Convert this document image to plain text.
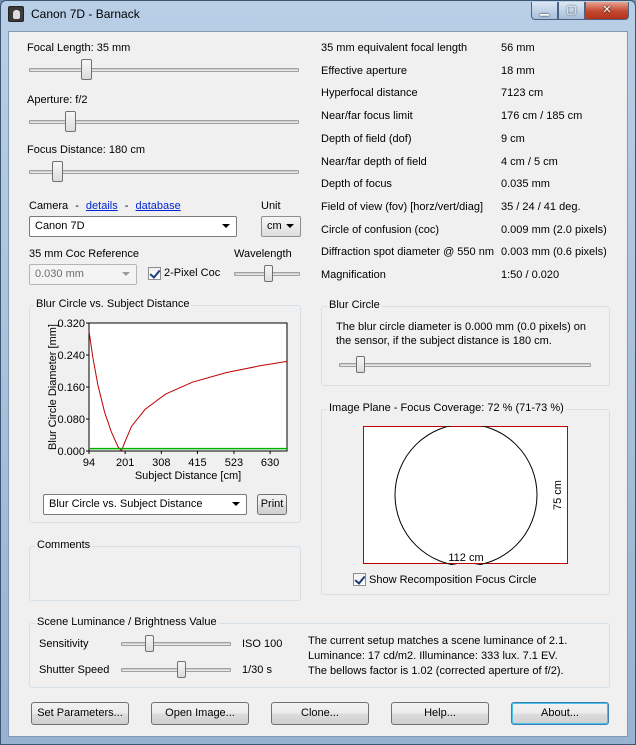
Canon 7D - Barnack	▁	▢	✕
Focal Length: 35 mm
Aperture: f/2
Focus Distance: 180 cm
Camera - details - database
Canon 7D
Unit
cm
35 mm Coc Reference
0.030 mm	2-Pixel Coc
Wavelength
35 mm equivalent focal length	56 mm
Effective aperture	18 mm
Hyperfocal distance	7123 cm
Near/far focus limit	176 cm / 185 cm
Depth of field (dof)	9 cm
Near/far depth of field	4 cm / 5 cm
Depth of focus	0.035 mm
Field of view (fov) [horz/vert/diag] 35 / 24 / 41 deg.
Circle of confusion (coc)	0.009 mm (2.0 pixels)
Diffraction spot diameter @ 550 nm 0.003 mm (0.6 pixels)
Magnification	1:50 / 0.020
Blur Circle vs. Subject Distance
0.000
0.080
0.160
0.240
0.320
94 201 308 415 523 630
Subject Distance [cm]
Blur Circle Diameter [mm]
Blur Circle vs. Subject Distance	Print
Comments
Blur Circle
The blur circle diameter is 0.000 mm (0.0 pixels) on
the sensor, if the subject distance is 180 cm.
Image Plane - Focus Coverage: 72 % (71-73 %)
112 cm
75 cm
Show Recomposition Focus Circle
Scene Luminance / Brightness Value
Sensitivity	ISO 100
Shutter Speed	1/30 s
The current setup matches a scene luminance of 2.1.
Luminance: 17 cd/m2. Illuminance: 333 lux. 7.1 EV.
The bellows factor is 1.02 (corrected aperture of f/2).
Set Parameters...	Open Image...	Clone...	Help...	About...
